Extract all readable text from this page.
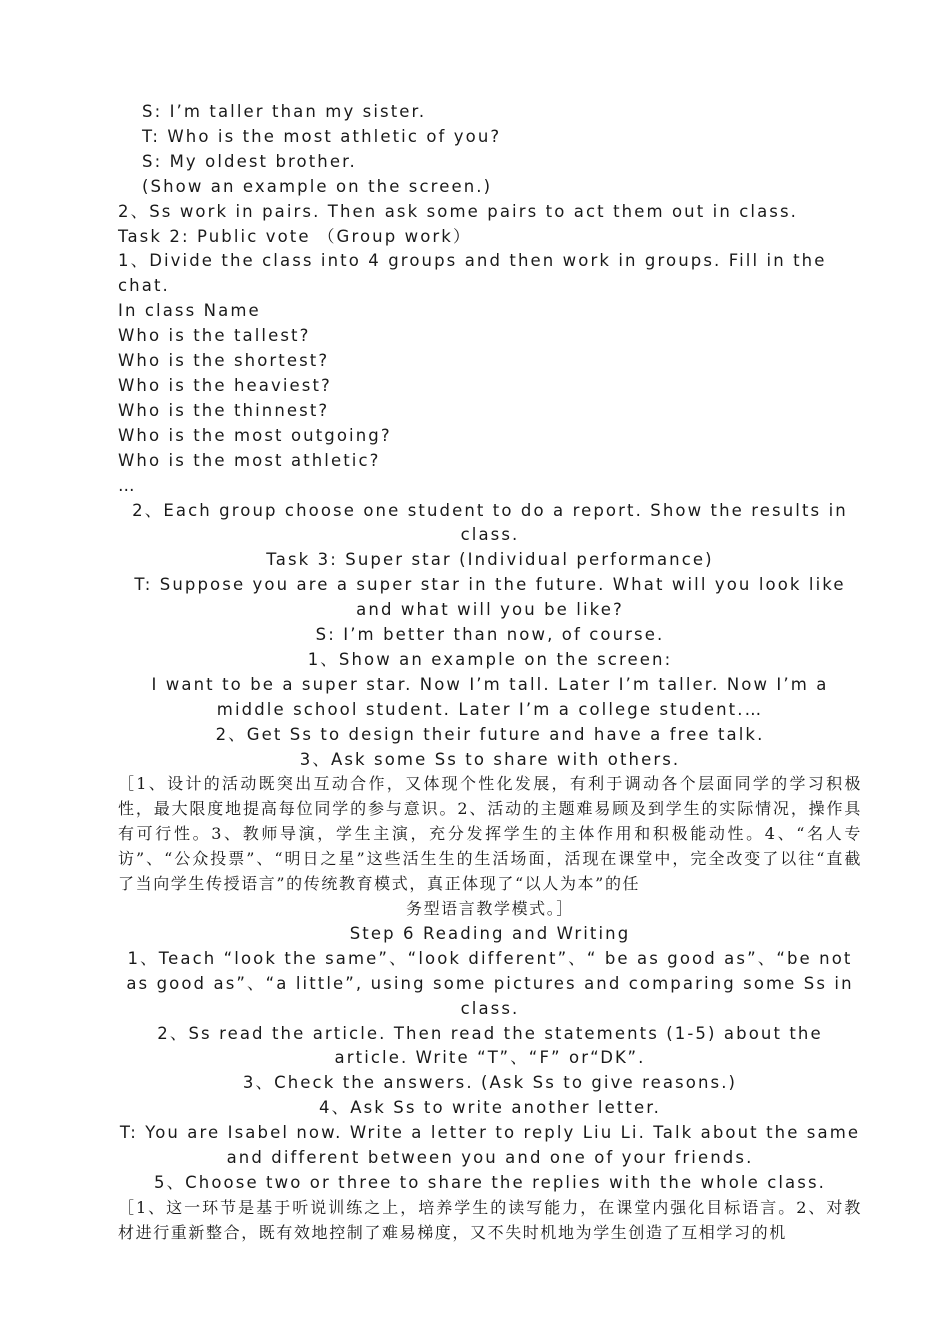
S: I’m taller than my sister.
T: Who is the most athletic of you?
S: My oldest brother.
(Show an example on the screen.)
2、Ss work in pairs. Then ask some pairs to act them out in class.
Task 2: Public vote （Group work）
1、Divide the class into 4 groups and then work in groups. Fill in the chat.
In class Name
Who is the tallest?
Who is the shortest?
Who is the heaviest?
Who is the thinnest?
Who is the most outgoing?
Who is the most athletic?
…
2、Each group choose one student to do a report. Show the results in class.
Task 3: Super star (Individual performance)
T: Suppose you are a super star in the future. What will you look like and what will you be like?
S: I’m better than now, of course.
1、Show an example on the screen:
I want to be a super star. Now I’m tall. Later I’m taller. Now I’m a middle school student. Later I’m a college student.…
2、Get Ss to design their future and have a free talk.
3、Ask some Ss to share with others.
［1、设计的活动既突出互动合作，又体现个性化发展，有利于调动各个层面同学的学习积极性，最大限度地提高每位同学的参与意识。2、活动的主题难易顾及到学生的实际情况，操作具有可行性。3、教师导演，学生主演，充分发挥学生的主体作用和积极能动性。4、“名人专访”、“公众投票”、“明日之星”这些活生生的生活场面，活现在课堂中，完全改变了以往“直截了当向学生传授语言”的传统教育模式，真正体现了“以人为本”的任
务型语言教学模式。］
Step 6 Reading and Writing
1、Teach “look the same”、“look different”、“ be as good as”、“be not as good as”、“a little”, using some pictures and comparing some Ss in class.
2、Ss read the article. Then read the statements (1-5) about the article. Write “T”、“F” or“DK”.
3、Check the answers. (Ask Ss to give reasons.)
4、Ask Ss to write another letter.
T: You are Isabel now. Write a letter to reply Liu Li. Talk about the same and different between you and one of your friends.
5、Choose two or three to share the replies with the whole class.
［1、这一环节是基于听说训练之上，培养学生的读写能力，在课堂内强化目标语言。2、对教材进行重新整合，既有效地控制了难易梯度，又不失时机地为学生创造了互相学习的机
